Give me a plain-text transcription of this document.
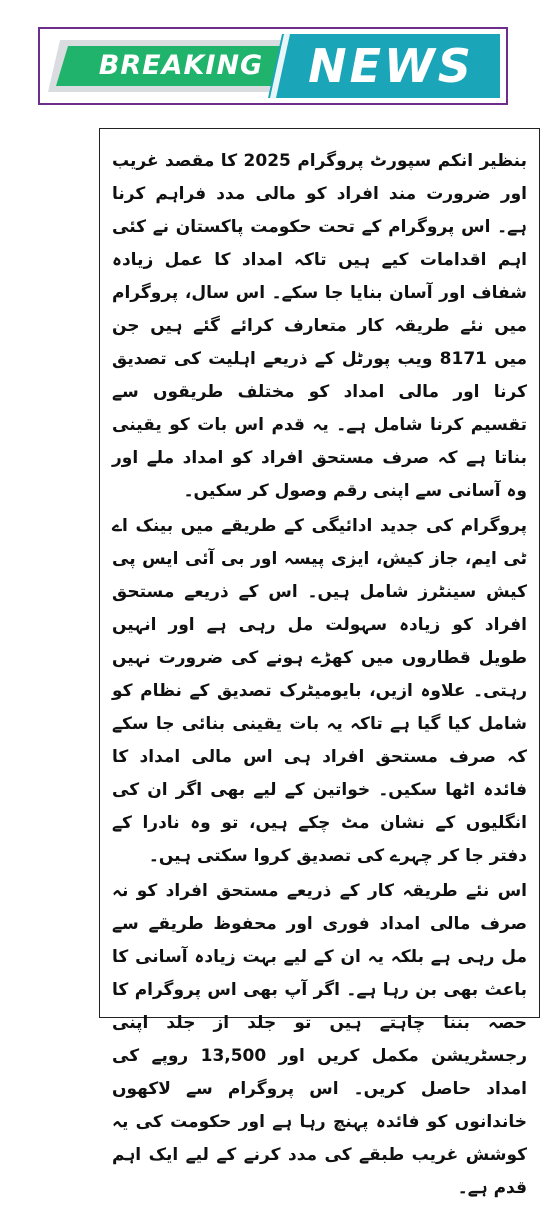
BREAKING NEWS

بنظیر انکم سپورٹ پروگرام 2025 کا مقصد غریب اور ضرورت مند افراد کو مالی مدد فراہم کرنا ہے۔ اس پروگرام کے تحت حکومت پاکستان نے کئی اہم اقدامات کیے ہیں تاکہ امداد کا عمل زیادہ شفاف اور آسان بنایا جا سکے۔ اس سال، پروگرام میں نئے طریقہ کار متعارف کرائے گئے ہیں جن میں 8171 ویب پورٹل کے ذریعے اہلیت کی تصدیق کرنا اور مالی امداد کو مختلف طریقوں سے تقسیم کرنا شامل ہے۔ یہ قدم اس بات کو یقینی بناتا ہے کہ صرف مستحق افراد کو امداد ملے اور وہ آسانی سے اپنی رقم وصول کر سکیں۔

پروگرام کی جدید ادائیگی کے طریقے میں بینک اے ٹی ایم، جاز کیش، ایزی پیسہ اور بی آئی ایس پی کیش سینٹرز شامل ہیں۔ اس کے ذریعے مستحق افراد کو زیادہ سہولت مل رہی ہے اور انہیں طویل قطاروں میں کھڑے ہونے کی ضرورت نہیں رہتی۔ علاوہ ازیں، بایومیٹرک تصدیق کے نظام کو شامل کیا گیا ہے تاکہ یہ بات یقینی بنائی جا سکے کہ صرف مستحق افراد ہی اس مالی امداد کا فائدہ اٹھا سکیں۔ خواتین کے لیے بھی اگر ان کی انگلیوں کے نشان مٹ چکے ہیں، تو وہ نادرا کے دفتر جا کر چہرے کی تصدیق کروا سکتی ہیں۔

اس نئے طریقہ کار کے ذریعے مستحق افراد کو نہ صرف مالی امداد فوری اور محفوظ طریقے سے مل رہی ہے بلکہ یہ ان کے لیے بہت زیادہ آسانی کا باعث بھی بن رہا ہے۔ اگر آپ بھی اس پروگرام کا حصہ بننا چاہتے ہیں تو جلد از جلد اپنی رجسٹریشن مکمل کریں اور 13,500 روپے کی امداد حاصل کریں۔ اس پروگرام سے لاکھوں خاندانوں کو فائدہ پہنچ رہا ہے اور حکومت کی یہ کوشش غریب طبقے کی مدد کرنے کے لیے ایک اہم قدم ہے۔
